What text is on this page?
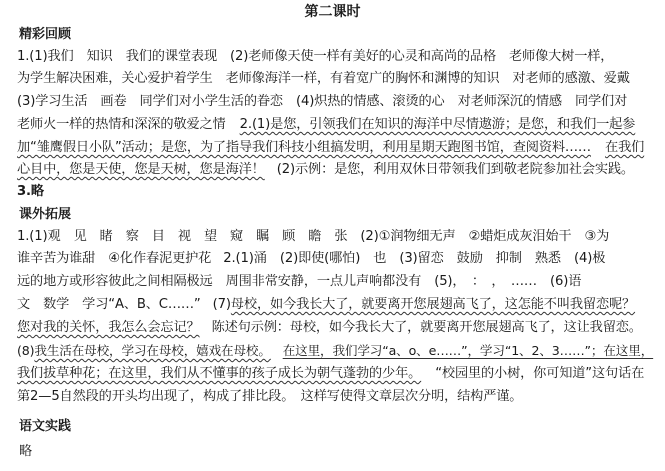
第二课时
精彩回顾
1.(1)我们　知识　我们的课堂表现　(2)老师像天使一样有美好的心灵和高尚的品格　老师像大树一样，
为学生解决困难，关心爱护着学生　老师像海洋一样，有着宽广的胸怀和渊博的知识　对老师的感激、爱戴
(3)学习生活　画卷　同学们对小学生活的眷恋　(4)炽热的情感、滚烫的心　对老师深沉的情感　同学们对
老师火一样的热情和深深的敬爱之情 2.(1)是您，引领我们在知识的海洋中尽情遨游；是您，和我们一起参
加“雏鹰假日小队”活动；是您，为了指导我们科技小组搞发明，利用星期天跑图书馆，查阅资料…… 在我们
心目中，您是天使，您是天树，您是海洋！ (2)示例：是您，利用双休日带领我们到敬老院参加社会实践。
3.略
课外拓展
1.(1)观　见　睹　察　目　视　望　窥　瞩　顾　瞻　张　(2)①润物细无声　②蜡炬成灰泪始干　③为
谁辛苦为谁甜　④化作春泥更护花 2.(1)涌　(2)即使(哪怕)　也　(3)留恋　鼓励　抑制　熟悉　(4)极
远的地方或形容彼此之间相隔极远　周围非常安静，一点儿声响都没有　(5)，　：　，　……　(6)语
文　数学　学习“A、B、C……” (7)母校，如今我长大了，就要离开您展翅高飞了，这怎能不叫我留恋呢？
您对我的关怀，我怎么会忘记？ 陈述句示例：母校，如今我长大了，就要离开您展翅高飞了，这让我留恋。
(8)我生活在母校，学习在母校，嬉戏在母校。 在这里，我们学习“a、o、e……”，学习“1、2、3……”；在这里，
我们拔草种花；在这里，我们从不懂事的孩子成长为朝气蓬勃的少年。 “校园里的小树，你可知道”这句话在
第2—5自然段的开头均出现了，构成了排比段。　这样写使得文章层次分明，结构严谨。
语文实践
略
